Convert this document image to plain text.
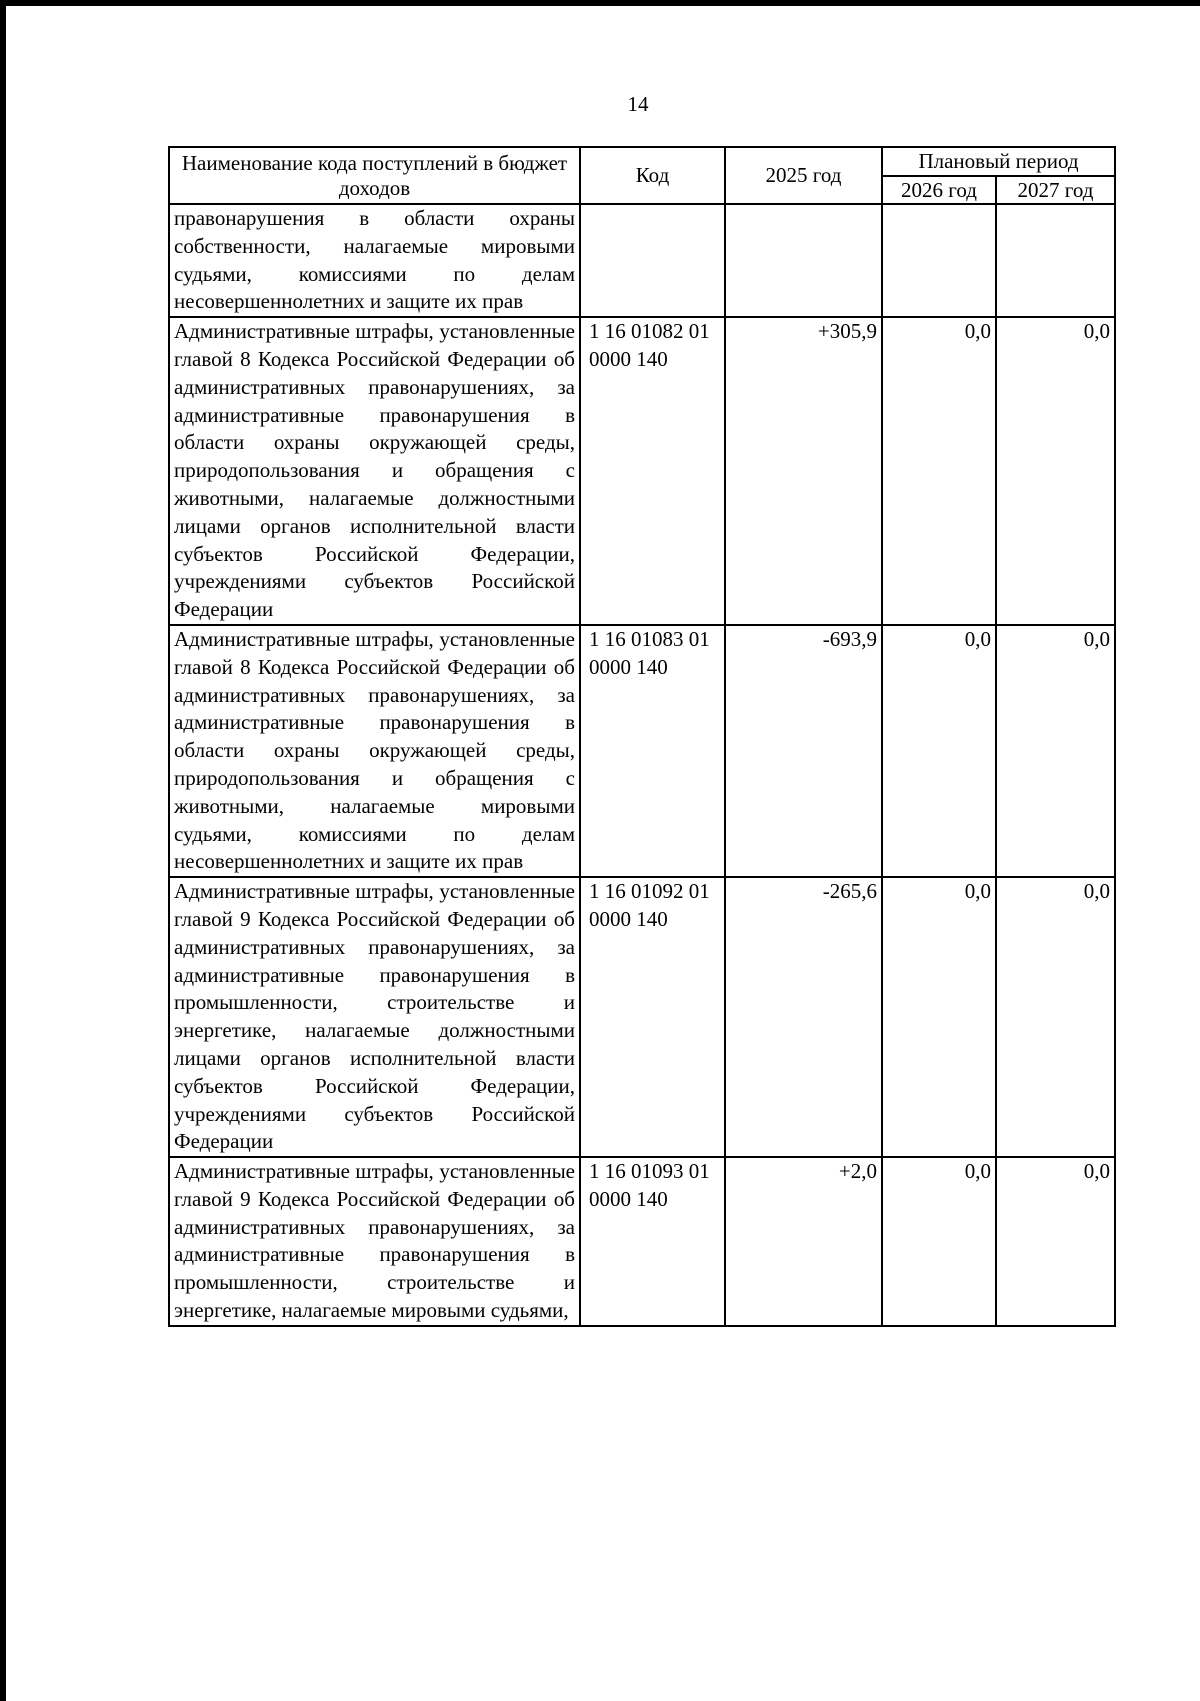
14
Наименование кода поступлений в бюджет доходов	Код	2025 год	Плановый период	
			2026 год	2027 год
правонарушения в области охраны собственности, налагаемые мировыми судьями, комиссиями по делам несовершеннолетних и защите их прав				
Административные штрафы, установленные главой 8 Кодекса Российской Федерации об административных правонарушениях, за административные правонарушения в области охраны окружающей среды, природопользования и обращения с животными, налагаемые должностными лицами органов исполнительной власти субъектов Российской Федерации, учреждениями субъектов Российской Федерации	1 16 01082 01 0000 140	+305,9	0,0	0,0
Административные штрафы, установленные главой 8 Кодекса Российской Федерации об административных правонарушениях, за административные правонарушения в области охраны окружающей среды, природопользования и обращения с животными, налагаемые мировыми судьями, комиссиями по делам несовершеннолетних и защите их прав	1 16 01083 01 0000 140	-693,9	0,0	0,0
Административные штрафы, установленные главой 9 Кодекса Российской Федерации об административных правонарушениях, за административные правонарушения в промышленности, строительстве и энергетике, налагаемые должностными лицами органов исполнительной власти субъектов Российской Федерации, учреждениями субъектов Российской Федерации	1 16 01092 01 0000 140	-265,6	0,0	0,0
Административные штрафы, установленные главой 9 Кодекса Российской Федерации об административных правонарушениях, за административные правонарушения в промышленности, строительстве и энергетике, налагаемые мировыми судьями,	1 16 01093 01 0000 140	+2,0	0,0	0,0
